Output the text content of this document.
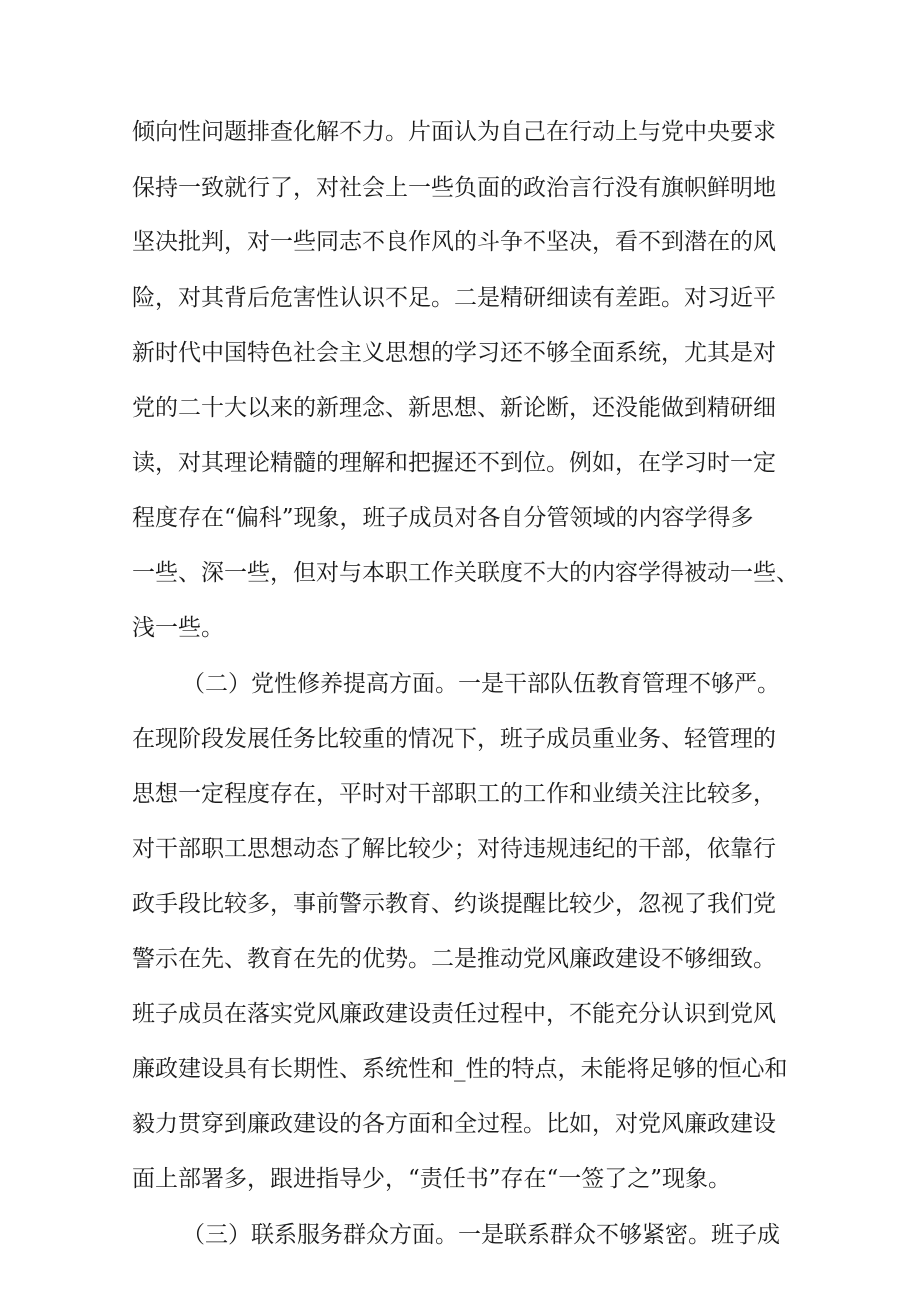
倾向性问题排查化解不力。片面认为自己在行动上与党中央要求
保持一致就行了，对社会上一些负面的政治言行没有旗帜鲜明地
坚决批判，对一些同志不良作风的斗争不坚决，看不到潜在的风
险，对其背后危害性认识不足。二是精研细读有差距。对习近平
新时代中国特色社会主义思想的学习还不够全面系统，尤其是对
党的二十大以来的新理念、新思想、新论断，还没能做到精研细
读，对其理论精髓的理解和把握还不到位。例如，在学习时一定
程度存在“偏科”现象，班子成员对各自分管领域的内容学得多
一些、深一些，但对与本职工作关联度不大的内容学得被动一些、
浅一些。
（二）党性修养提高方面。一是干部队伍教育管理不够严。
在现阶段发展任务比较重的情况下，班子成员重业务、轻管理的
思想一定程度存在，平时对干部职工的工作和业绩关注比较多，
对干部职工思想动态了解比较少；对待违规违纪的干部，依靠行
政手段比较多，事前警示教育、约谈提醒比较少，忽视了我们党
警示在先、教育在先的优势。二是推动党风廉政建设不够细致。
班子成员在落实党风廉政建设责任过程中，不能充分认识到党风
廉政建设具有长期性、系统性和_性的特点，未能将足够的恒心和
毅力贯穿到廉政建设的各方面和全过程。比如，对党风廉政建设
面上部署多，跟进指导少，“责任书”存在“一签了之”现象。
（三）联系服务群众方面。一是联系群众不够紧密。班子成
